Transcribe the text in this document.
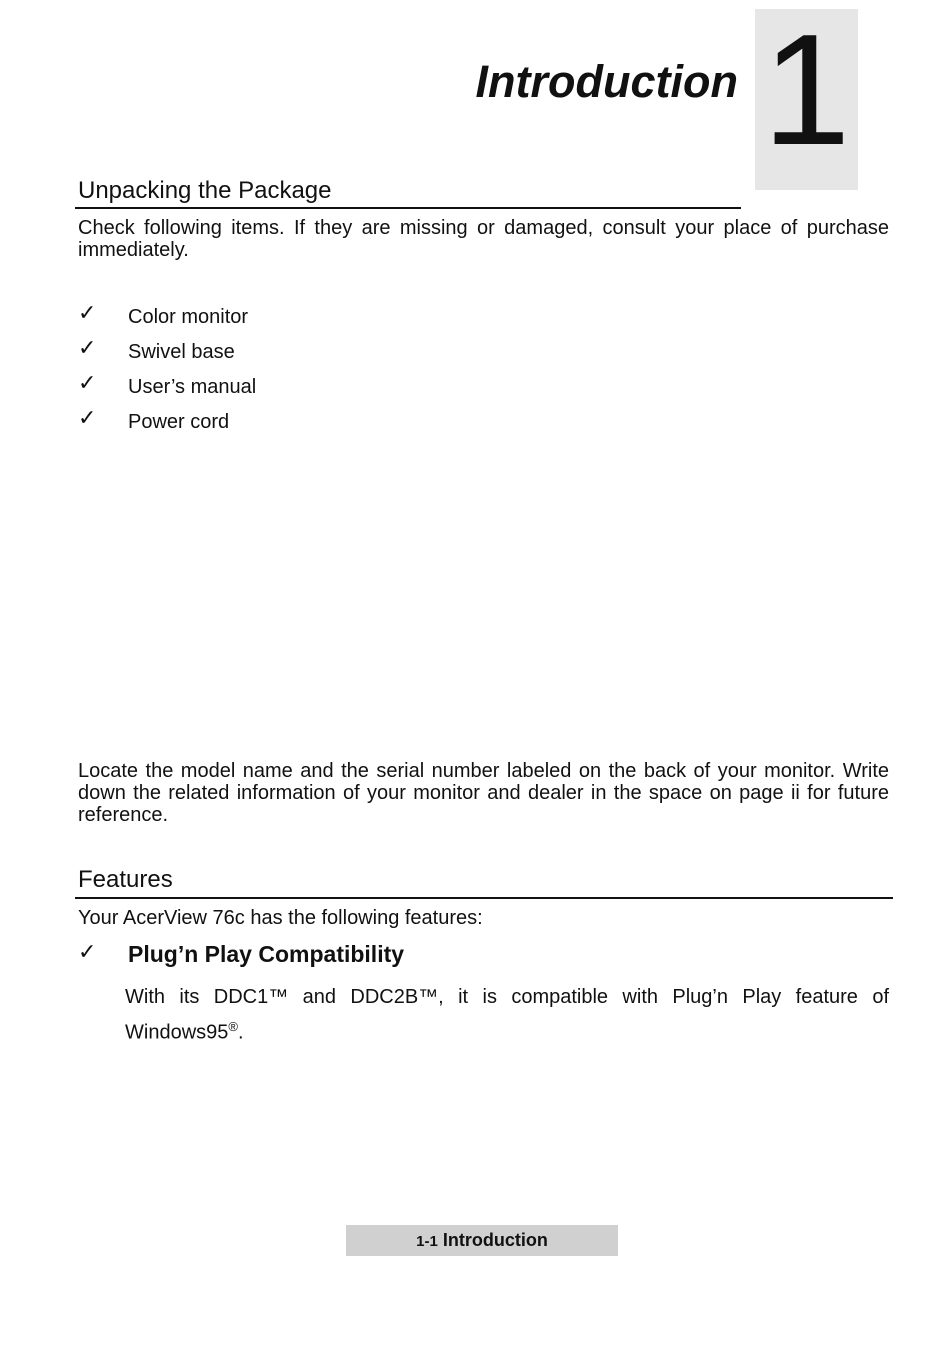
1
Introduction
Unpacking the Package
Check following items. If they are missing or damaged, consult your place of purchase immediately.
✓ Color monitor
✓ Swivel base
✓ User’s manual
✓ Power cord
Locate the model name and the serial number labeled on the back of your monitor. Write down the related information of your monitor and dealer in the space on page ii for future reference.
Features
Your AcerView 76c has the following features:
✓ Plug’n Play Compatibility
With its DDC1™ and DDC2B™, it is compatible with Plug’n Play feature of Windows95®.
1-1 Introduction
